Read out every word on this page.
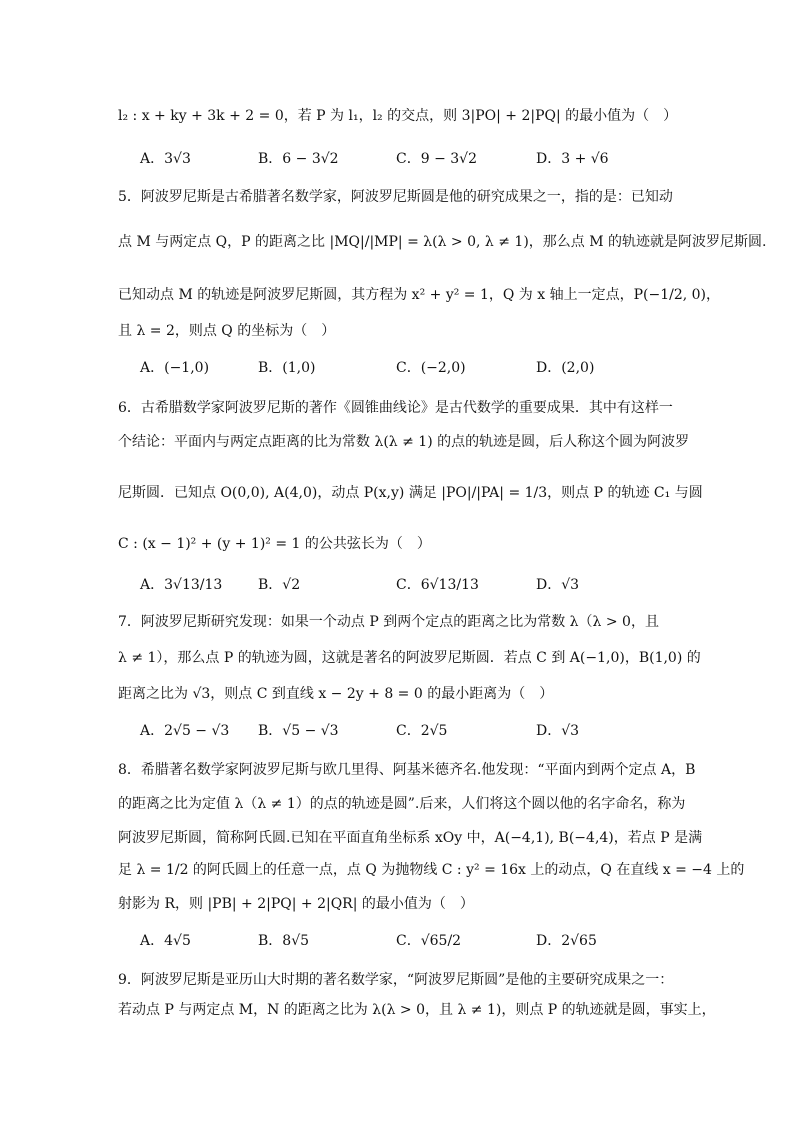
l₂ : x + ky + 3k + 2 = 0，若 P 为 l₁，l₂ 的交点，则 3|PO| + 2|PQ| 的最小值为（　）
5．阿波罗尼斯是古希腊著名数学家，阿波罗尼斯圆是他的研究成果之一，指的是：已知动
点 M 与两定点 Q，P 的距离之比 |MQ|/|MP| = λ(λ > 0, λ ≠ 1)，那么点 M 的轨迹就是阿波罗尼斯圆.
已知动点 M 的轨迹是阿波罗尼斯圆，其方程为 x² + y² = 1，Q 为 x 轴上一定点，P(−1/2, 0)，
且 λ = 2，则点 Q 的坐标为（　）
6．古希腊数学家阿波罗尼斯的著作《圆锥曲线论》是古代数学的重要成果．其中有这样一
个结论：平面内与两定点距离的比为常数 λ(λ ≠ 1) 的点的轨迹是圆，后人称这个圆为阿波罗
尼斯圆．已知点 O(0,0), A(4,0)，动点 P(x,y) 满足 |PO|/|PA| = 1/3，则点 P 的轨迹 C₁ 与圆
C : (x − 1)² + (y + 1)² = 1 的公共弦长为（　）
7．阿波罗尼斯研究发现：如果一个动点 P 到两个定点的距离之比为常数 λ（λ > 0，且
λ ≠ 1），那么点 P 的轨迹为圆，这就是著名的阿波罗尼斯圆．若点 C 到 A(−1,0)，B(1,0) 的
距离之比为 √3，则点 C 到直线 x − 2y + 8 = 0 的最小距离为（　）
8．希腊著名数学家阿波罗尼斯与欧几里得、阿基米德齐名.他发现：“平面内到两个定点 A，B
的距离之比为定值 λ（λ ≠ 1）的点的轨迹是圆”.后来，人们将这个圆以他的名字命名，称为
阿波罗尼斯圆，简称阿氏圆.已知在平面直角坐标系 xOy 中，A(−4,1), B(−4,4)，若点 P 是满
足 λ = 1/2 的阿氏圆上的任意一点，点 Q 为抛物线 C : y² = 16x 上的动点，Q 在直线 x = −4 上的
射影为 R，则 |PB| + 2|PQ| + 2|QR| 的最小值为（　）
9．阿波罗尼斯是亚历山大时期的著名数学家，“阿波罗尼斯圆”是他的主要研究成果之一：
若动点 P 与两定点 M，N 的距离之比为 λ(λ > 0，且 λ ≠ 1)，则点 P 的轨迹就是圆，事实上，
A．3√3	B．6 − 3√2	C．9 − 3√2	D．3 + √6
A．(−1,0)	B．(1,0)	C．(−2,0)	D．(2,0)
A．3√13/13	B．√2	C．6√13/13	D．√3
A．2√5 − √3 B．√5 − √3	C．2√5	D．√3
A．4√5	B．8√5	C．√65/2	D．2√65
